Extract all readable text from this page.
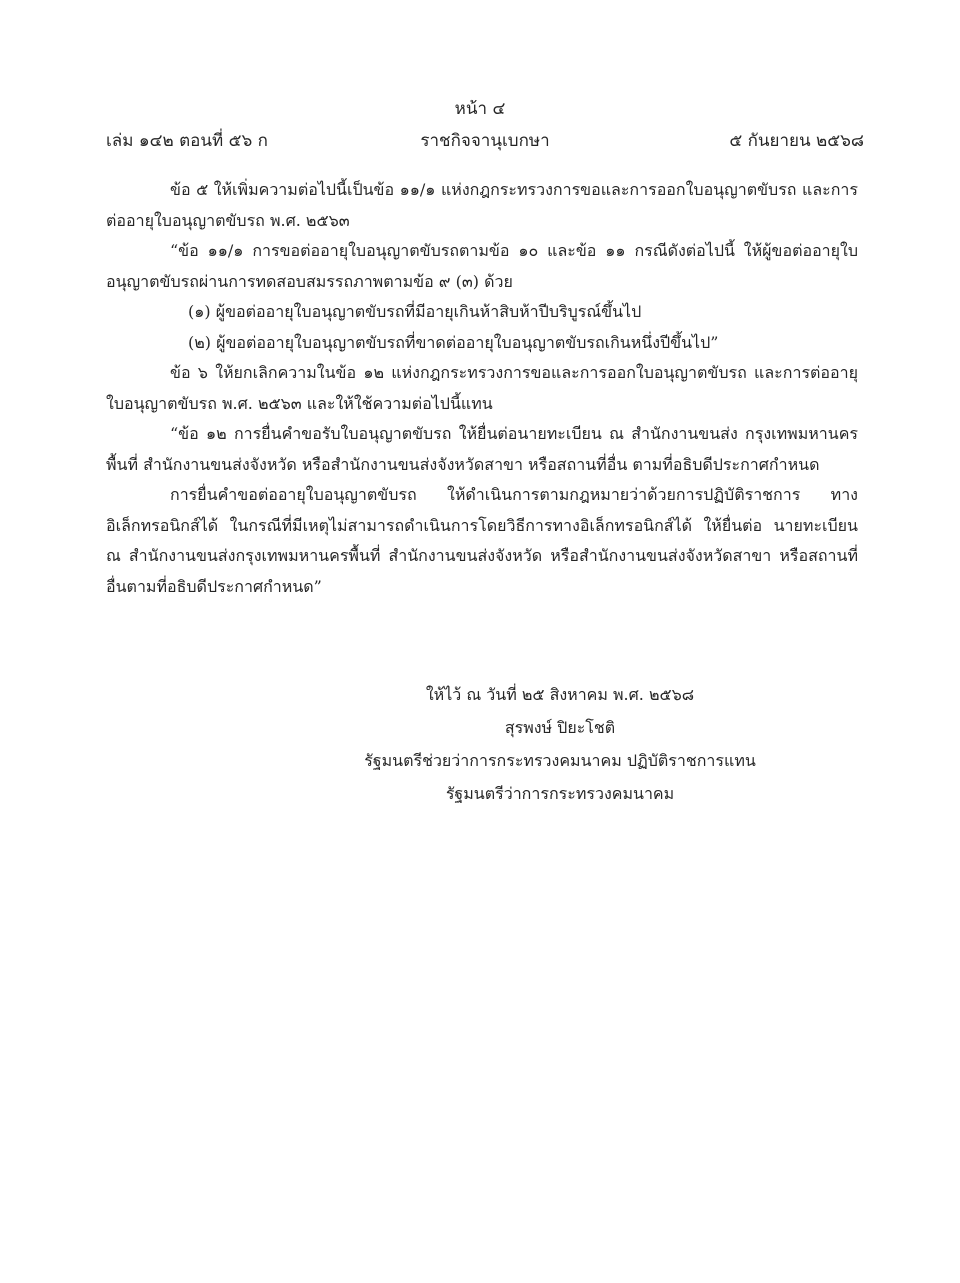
หน้า ๔
เล่ม ๑๔๒ ตอนที่ ๕๖ ก	ราชกิจจานุเบกษา	๕ กันยายน ๒๕๖๘

ข้อ ๕ ให้เพิ่มความต่อไปนี้เป็นข้อ ๑๑/๑ แห่งกฎกระทรวงการขอและการออกใบอนุญาตขับรถ และการต่ออายุใบอนุญาตขับรถ พ.ศ. ๒๕๖๓

“ข้อ ๑๑/๑ การขอต่ออายุใบอนุญาตขับรถตามข้อ ๑๐ และข้อ ๑๑ กรณีดังต่อไปนี้ ให้ผู้ขอต่ออายุใบอนุญาตขับรถผ่านการทดสอบสมรรถภาพตามข้อ ๙ (๓) ด้วย

(๑) ผู้ขอต่ออายุใบอนุญาตขับรถที่มีอายุเกินห้าสิบห้าปีบริบูรณ์ขึ้นไป

(๒) ผู้ขอต่ออายุใบอนุญาตขับรถที่ขาดต่ออายุใบอนุญาตขับรถเกินหนึ่งปีขึ้นไป”

ข้อ ๖ ให้ยกเลิกความในข้อ ๑๒ แห่งกฎกระทรวงการขอและการออกใบอนุญาตขับรถ และการต่ออายุใบอนุญาตขับรถ พ.ศ. ๒๕๖๓ และให้ใช้ความต่อไปนี้แทน

“ข้อ ๑๒ การยื่นคำขอรับใบอนุญาตขับรถ ให้ยื่นต่อนายทะเบียน ณ สำนักงานขนส่ง กรุงเทพมหานครพื้นที่ สำนักงานขนส่งจังหวัด หรือสำนักงานขนส่งจังหวัดสาขา หรือสถานที่อื่น ตามที่อธิบดีประกาศกำหนด

การยื่นคำขอต่ออายุใบอนุญาตขับรถ ให้ดำเนินการตามกฎหมายว่าด้วยการปฏิบัติราชการ ทางอิเล็กทรอนิกส์ได้ ในกรณีที่มีเหตุไม่สามารถดำเนินการโดยวิธีการทางอิเล็กทรอนิกส์ได้ ให้ยื่นต่อ นายทะเบียน ณ สำนักงานขนส่งกรุงเทพมหานครพื้นที่ สำนักงานขนส่งจังหวัด หรือสำนักงานขนส่งจังหวัดสาขา หรือสถานที่อื่นตามที่อธิบดีประกาศกำหนด”

ให้ไว้ ณ วันที่ ๒๕ สิงหาคม พ.ศ. ๒๕๖๘
สุรพงษ์ ปิยะโชติ
รัฐมนตรีช่วยว่าการกระทรวงคมนาคม ปฏิบัติราชการแทน
รัฐมนตรีว่าการกระทรวงคมนาคม
